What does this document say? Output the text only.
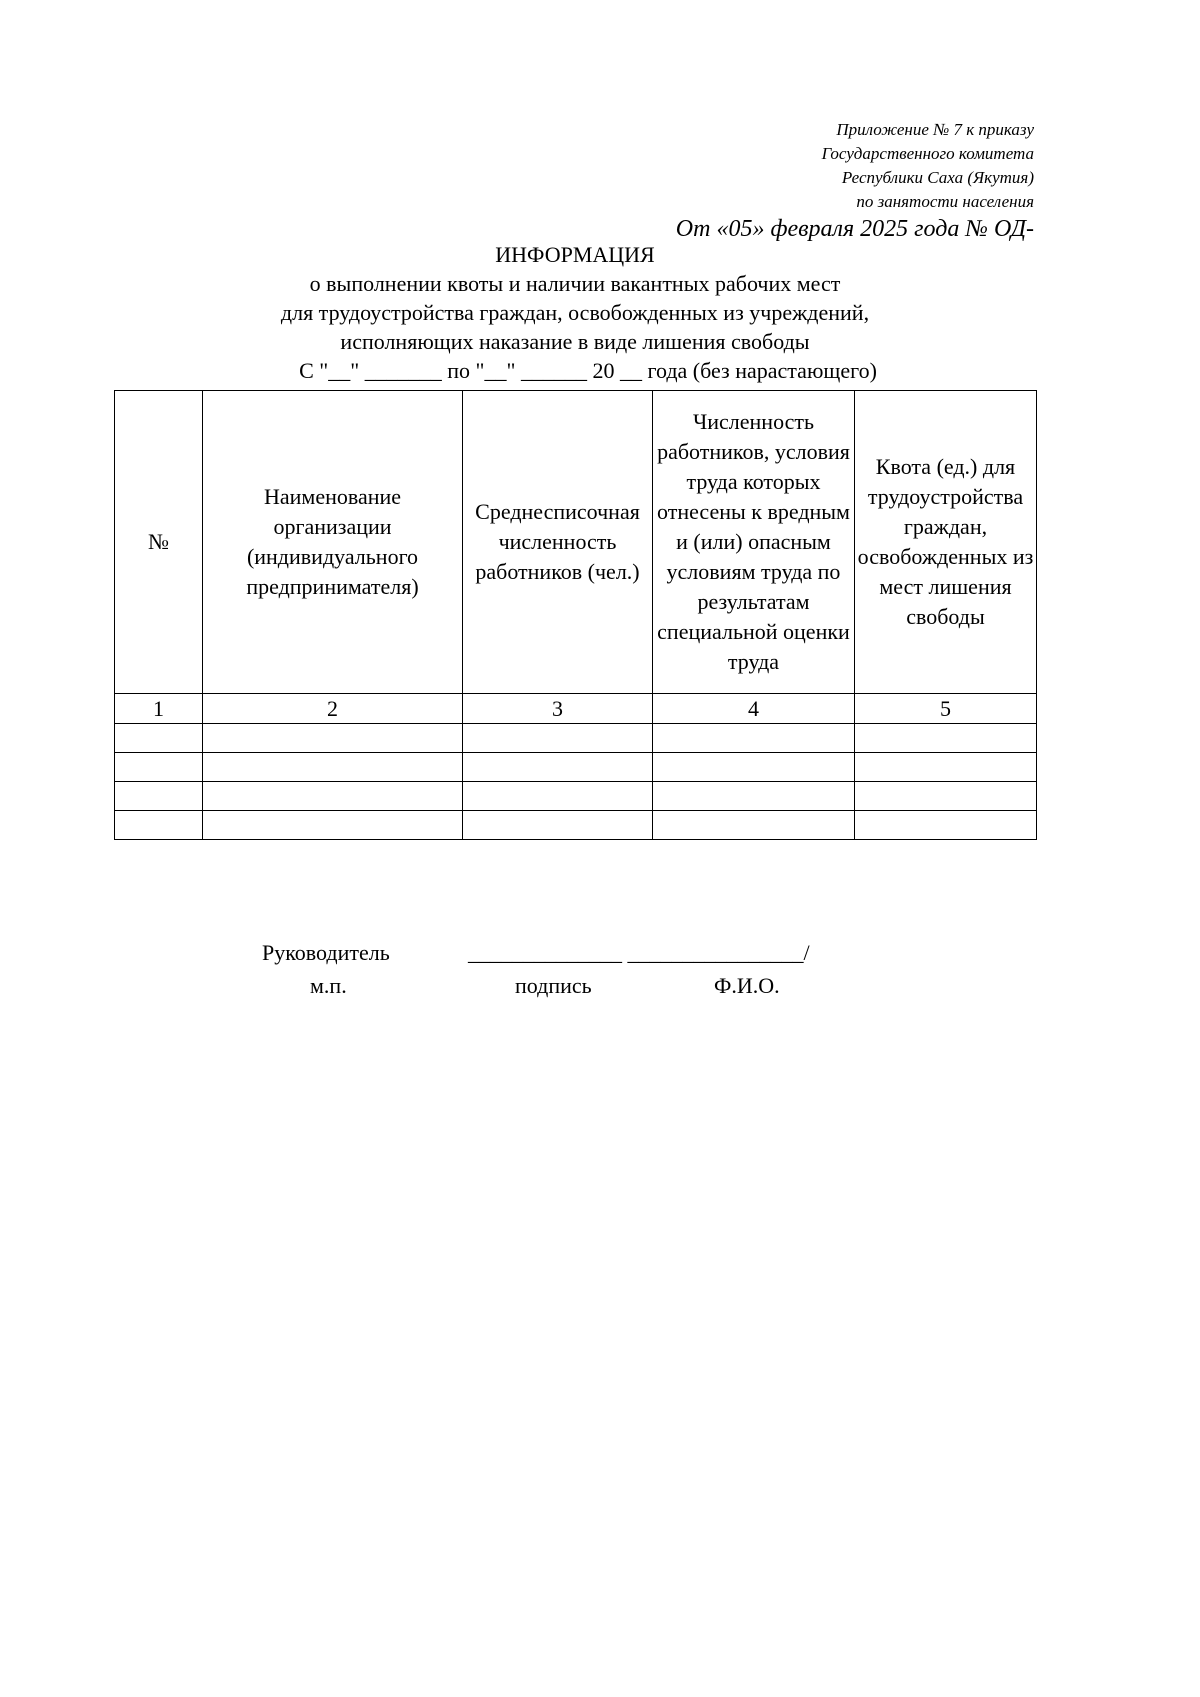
Приложение № 7 к приказу
Государственного комитета
Республики Саха (Якутия)
по занятости населения
От «05» февраля 2025 года № ОД-
ИНФОРМАЦИЯ
о выполнении квоты и наличии вакантных рабочих мест
для трудоустройства граждан, освобожденных из учреждений,
исполняющих наказание в виде лишения свободы
С "__" _______ по "__" ______ 20 __ года (без нарастающего)
№	Наименование организации (индивидуального предпринимателя)	Среднесписочная численность работников (чел.)	Численность работников, условия труда которых отнесены к вредным и (или) опасным условиям труда по результатам специальной оценки труда	Квота (ед.) для трудоустройства граждан, освобожденных из мест лишения свободы
1	2	3	4	5

Руководитель	______________ ________________/
м.п.	подпись	Ф.И.О.
